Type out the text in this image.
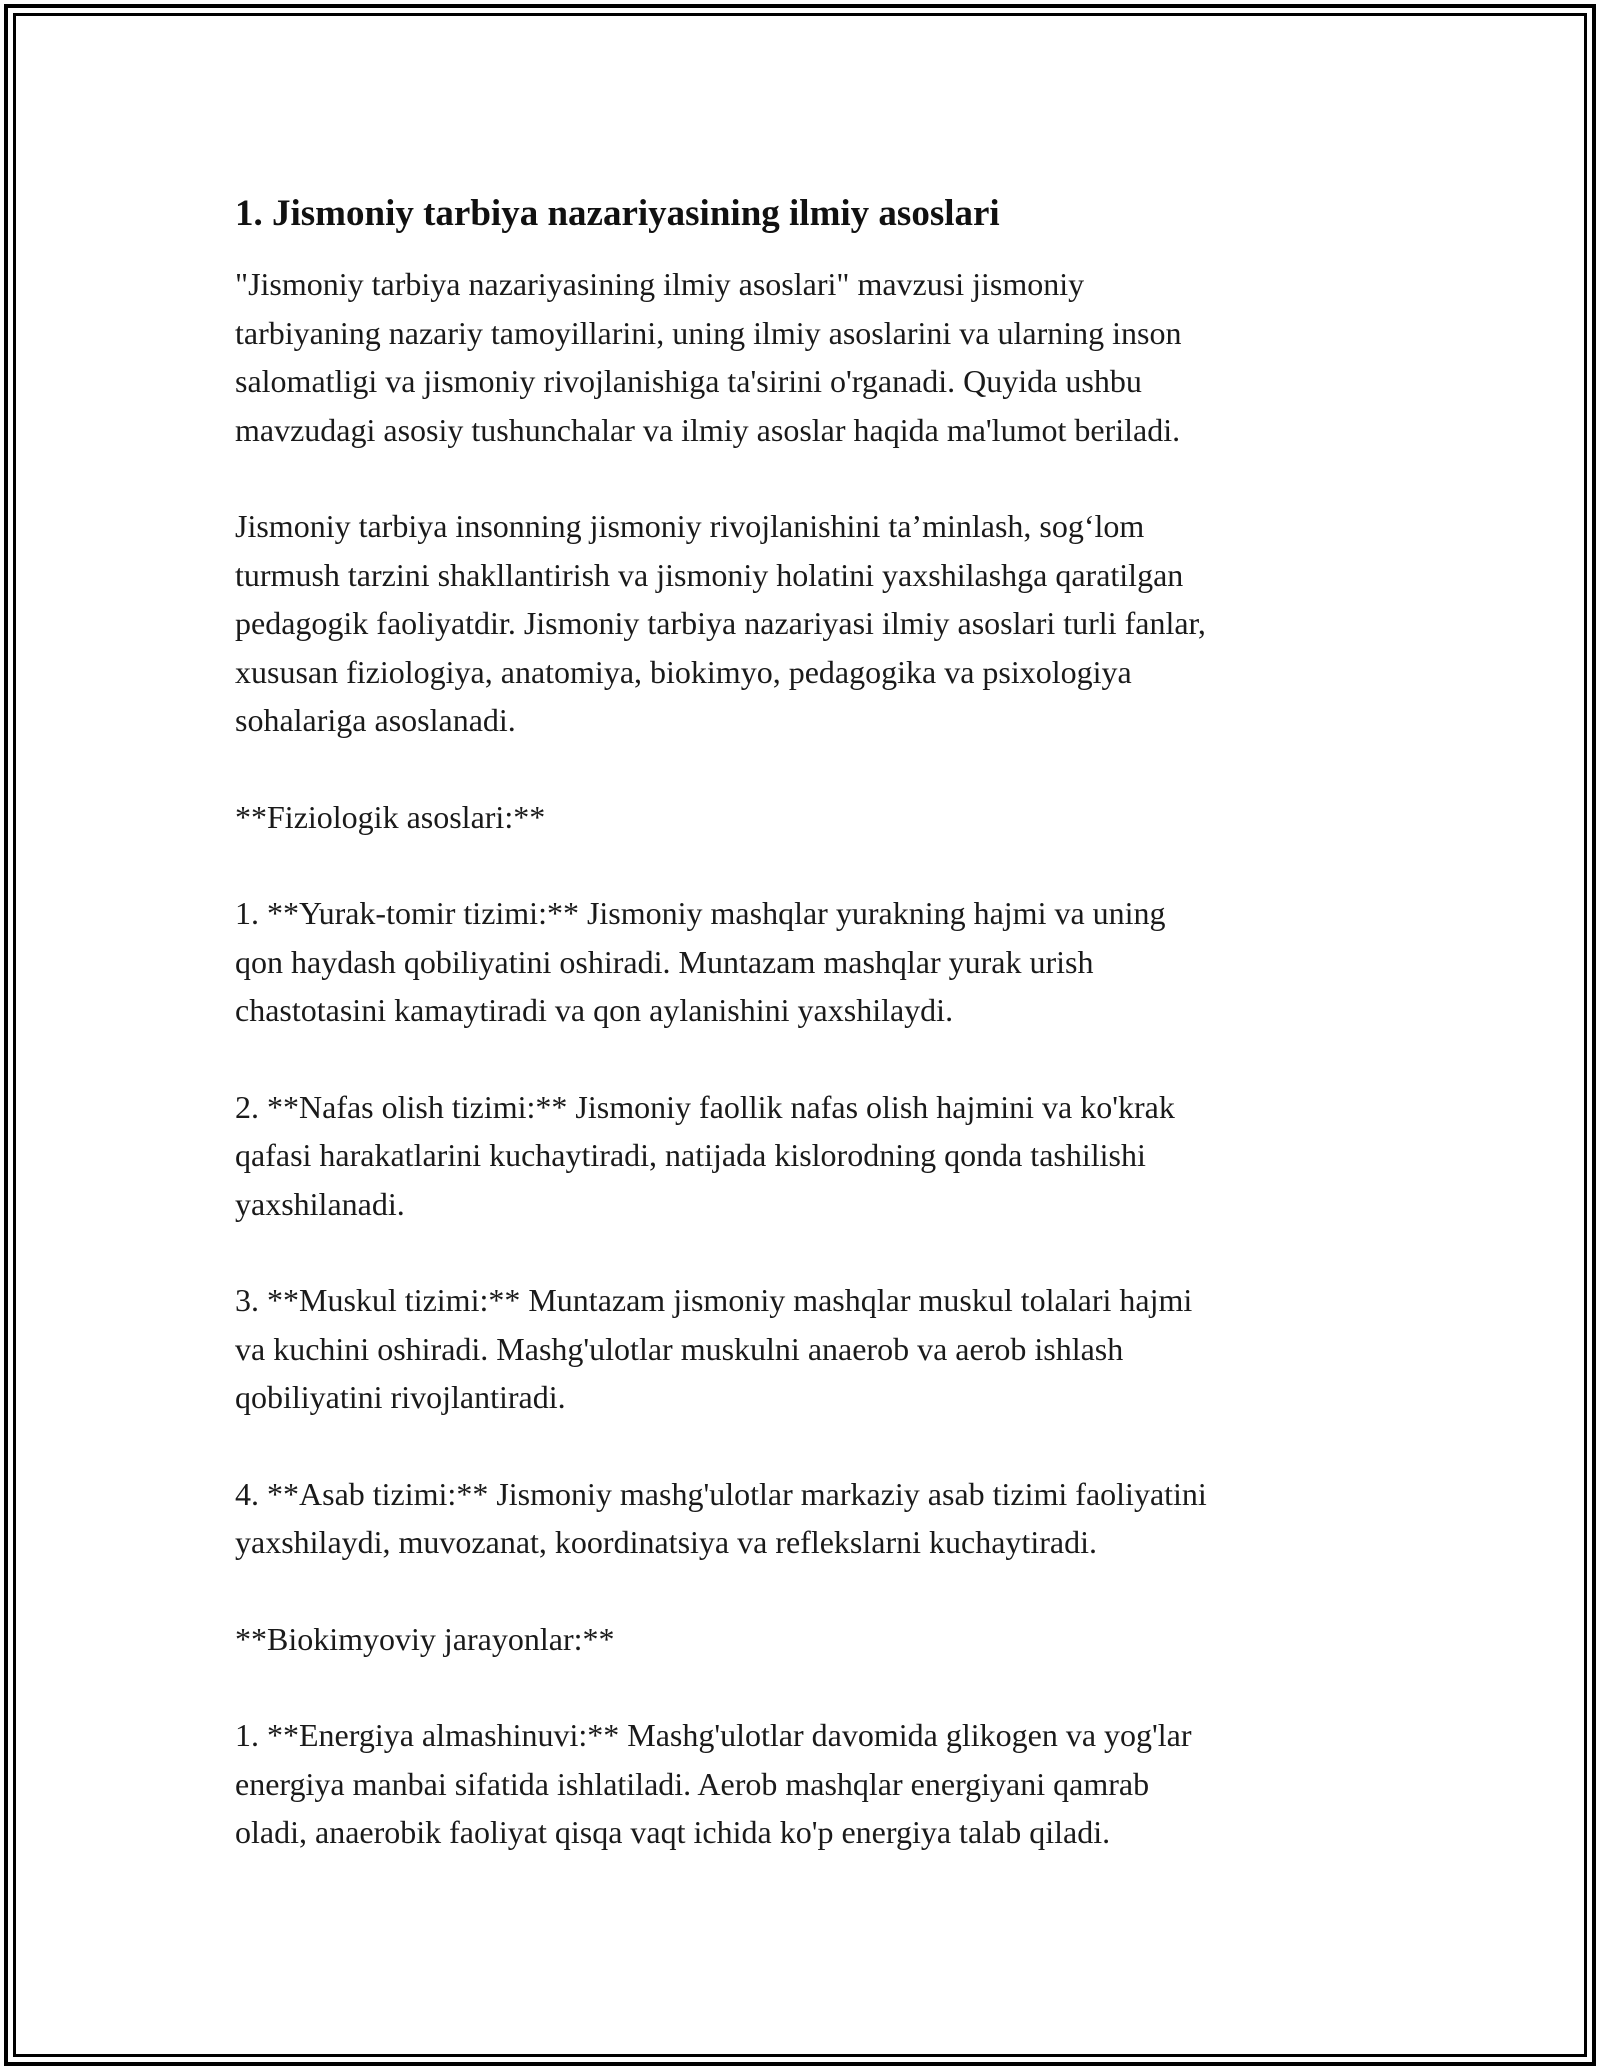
1. Jismoniy tarbiya nazariyasining ilmiy asoslari

"Jismoniy tarbiya nazariyasining ilmiy asoslari" mavzusi jismoniy
tarbiyaning nazariy tamoyillarini, uning ilmiy asoslarini va ularning inson
salomatligi va jismoniy rivojlanishiga ta'sirini o'rganadi. Quyida ushbu
mavzudagi asosiy tushunchalar va ilmiy asoslar haqida ma'lumot beriladi.

Jismoniy tarbiya insonning jismoniy rivojlanishini ta’minlash, sog‘lom
turmush tarzini shakllantirish va jismoniy holatini yaxshilashga qaratilgan
pedagogik faoliyatdir. Jismoniy tarbiya nazariyasi ilmiy asoslari turli fanlar,
xususan fiziologiya, anatomiya, biokimyo, pedagogika va psixologiya
sohalariga asoslanadi.

**Fiziologik asoslari:**

1. **Yurak-tomir tizimi:** Jismoniy mashqlar yurakning hajmi va uning
qon haydash qobiliyatini oshiradi. Muntazam mashqlar yurak urish
chastotasini kamaytiradi va qon aylanishini yaxshilaydi.

2. **Nafas olish tizimi:** Jismoniy faollik nafas olish hajmini va ko'krak
qafasi harakatlarini kuchaytiradi, natijada kislorodning qonda tashilishi
yaxshilanadi.

3. **Muskul tizimi:** Muntazam jismoniy mashqlar muskul tolalari hajmi
va kuchini oshiradi. Mashg'ulotlar muskulni anaerob va aerob ishlash
qobiliyatini rivojlantiradi.

4. **Asab tizimi:** Jismoniy mashg'ulotlar markaziy asab tizimi faoliyatini
yaxshilaydi, muvozanat, koordinatsiya va reflekslarni kuchaytiradi.

**Biokimyoviy jarayonlar:**

1. **Energiya almashinuvi:** Mashg'ulotlar davomida glikogen va yog'lar
energiya manbai sifatida ishlatiladi. Aerob mashqlar energiyani qamrab
oladi, anaerobik faoliyat qisqa vaqt ichida ko'p energiya talab qiladi.
